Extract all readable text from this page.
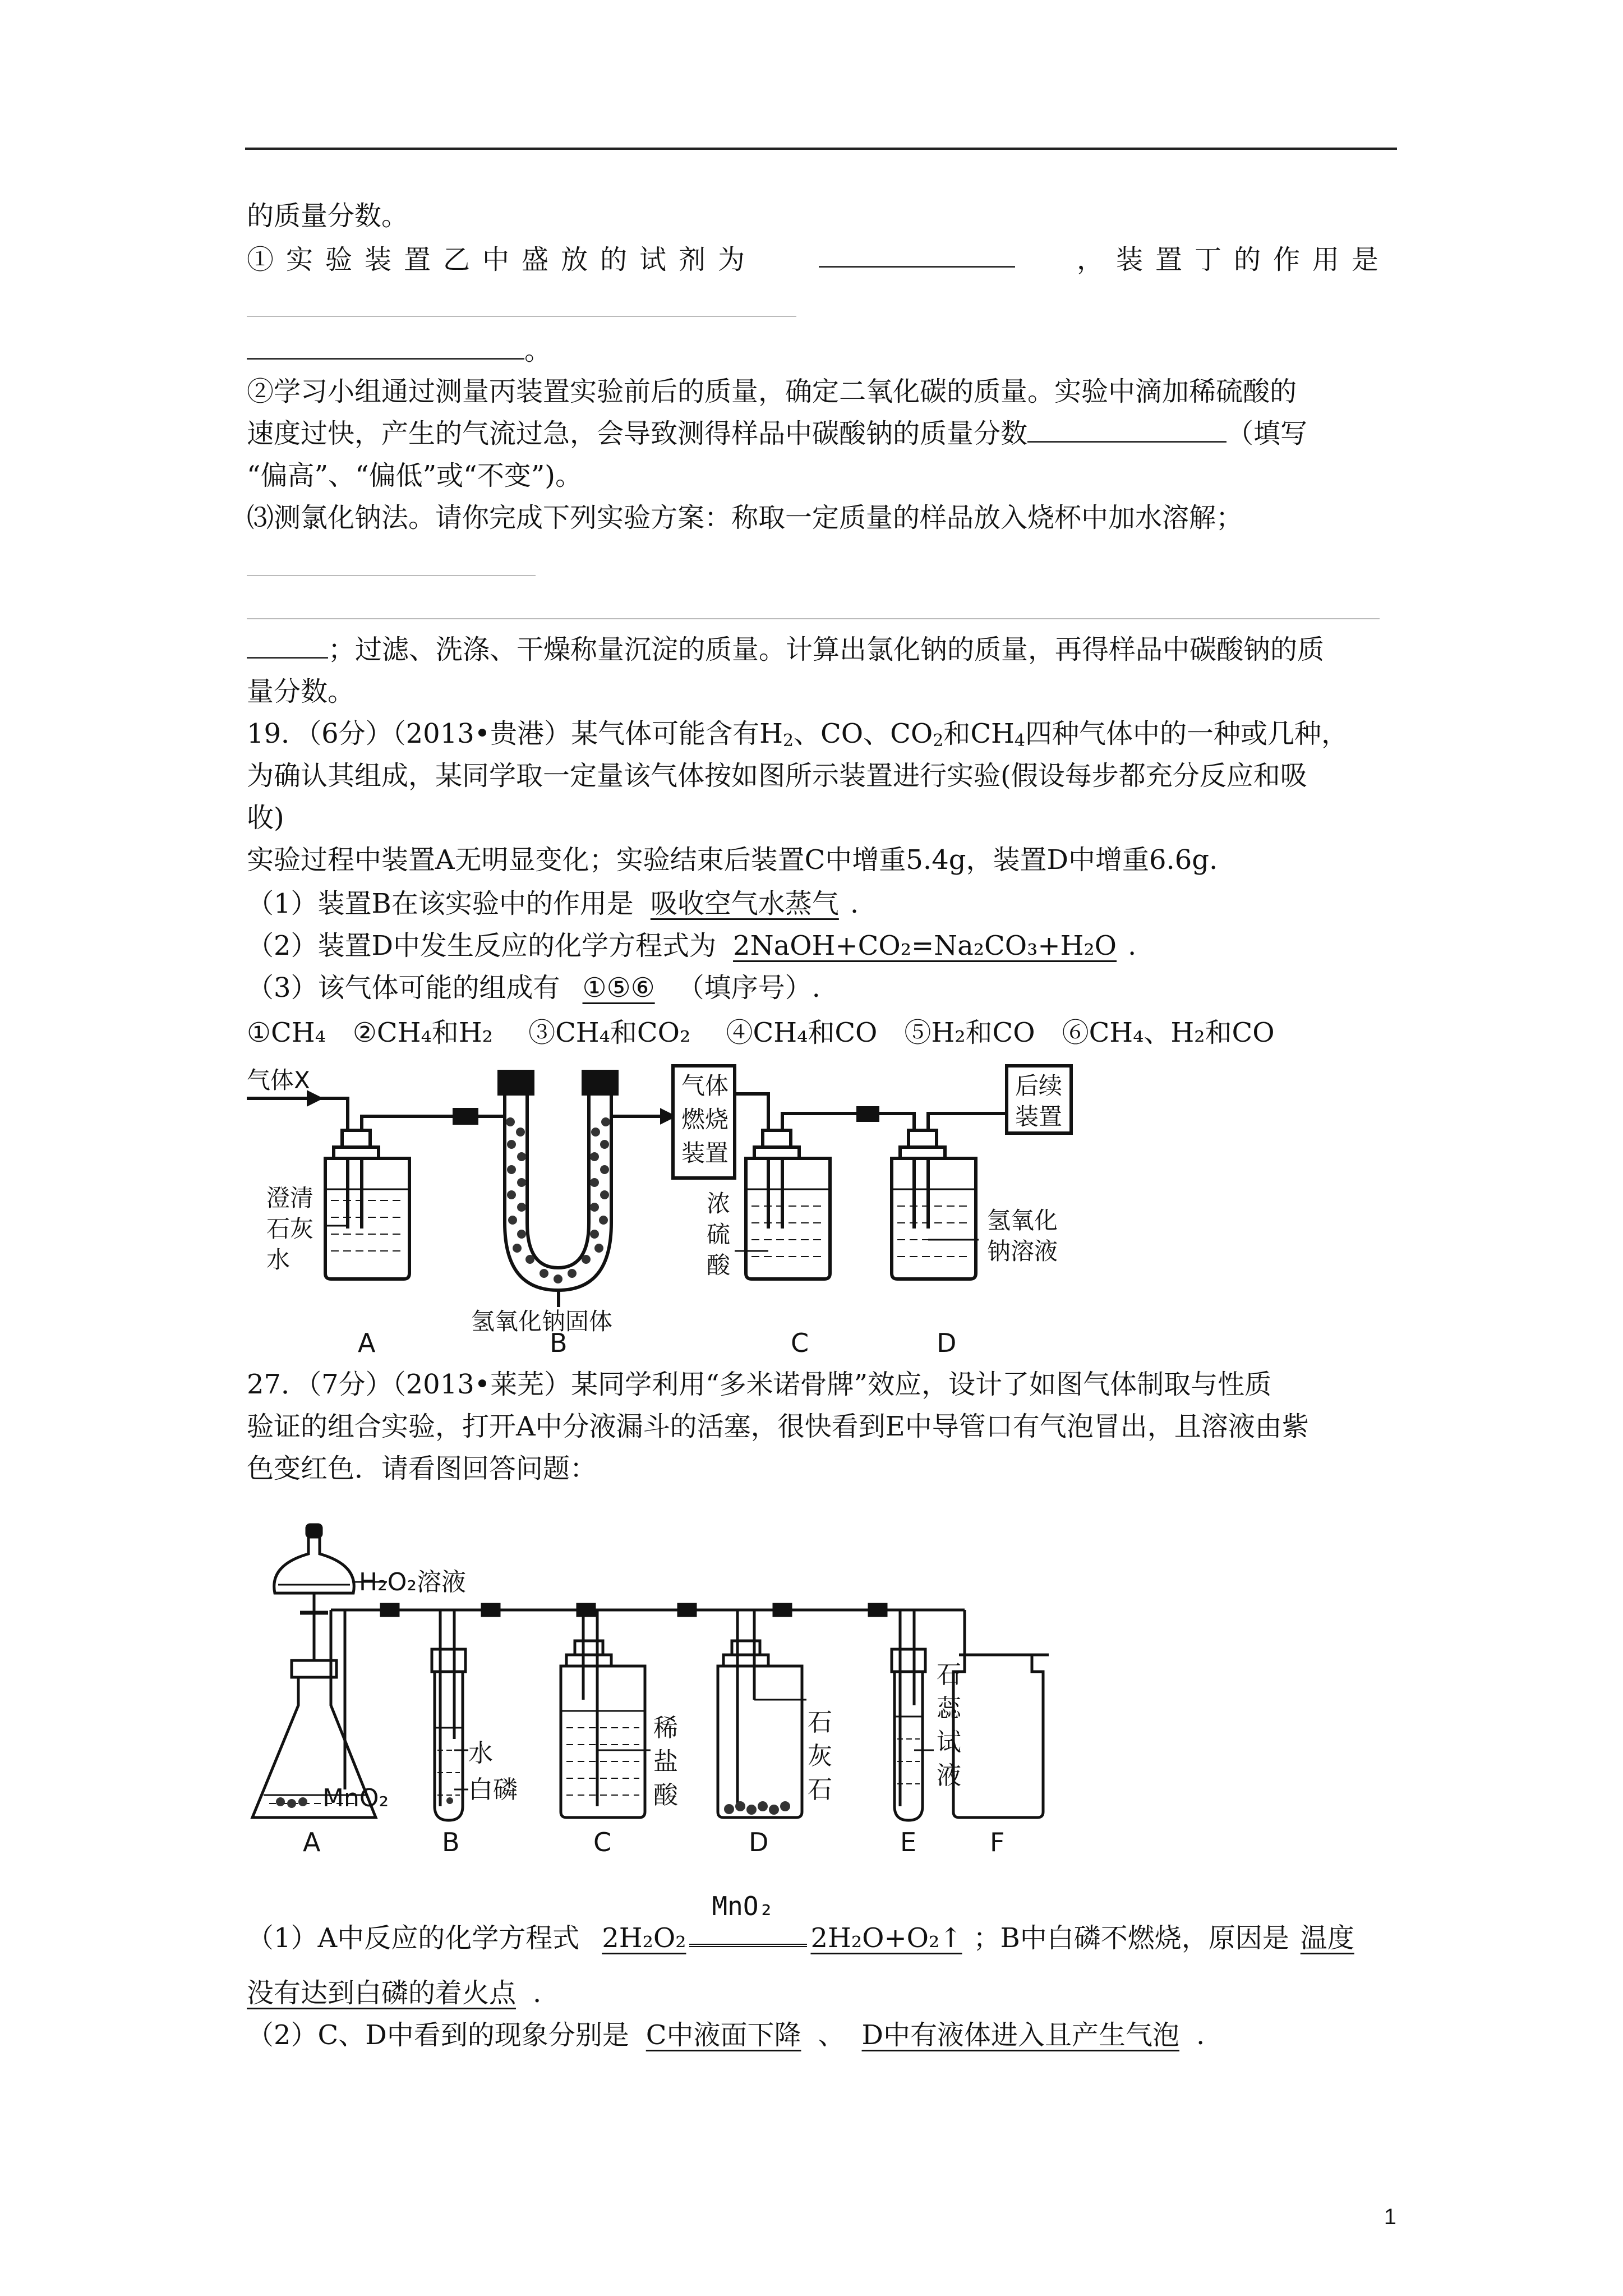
的质量分数。
①实验装置乙中盛放的试剂为	，装置丁的作用是
。
②学习小组通过测量丙装置实验前后的质量，确定二氧化碳的质量。实验中滴加稀硫酸的
速度过快，产生的气流过急，会导致测得样品中碳酸钠的质量分数	（填写
“偏高”、“偏低”或“不变”)。
⑶测氯化钠法。请你完成下列实验方案：称取一定质量的样品放入烧杯中加水溶解；
；过滤、洗涤、干燥称量沉淀的质量。计算出氯化钠的质量，再得样品中碳酸钠的质
量分数。
19．（6分）（2013•贵港）某气体可能含有$H_2$、CO、$CO_2$和$CH_4$四种气体中的一种或几种，
为确认其组成，某同学取一定量该气体按如图所示装置进行实验(假设每步都充分反应和吸
收)
实验过程中装置A无明显变化；实验结束后装置C中增重5.4g，装置D中增重6.6g.
（1）装置B在该实验中的作用是 吸收空气水蒸气 .
（2）装置D中发生反应的化学方程式为 2NaOH+CO₂=Na₂CO₃+H₂O .
（3）该气体可能的组成有 ①⑤⑥ （填序号）.
①CH₄　②CH₄和H₂　 ③CH₄和CO₂　 ④CH₄和CO　⑤H₂和CO　⑥CH₄、H₂和CO
气体X	气体
燃烧
装置
后续
装置
澄清
石灰
水
氢氧化钠固体
浓
硫
酸
氢氧化
钠溶液
A	B	C	D
27．（7分）（2013•莱芜）某同学利用“多米诺骨牌”效应，设计了如图气体制取与性质
验证的组合实验，打开A中分液漏斗的活塞，很快看到E中导管口有气泡冒出，且溶液由紫
色变红色．请看图回答问题：
H₂O₂溶液
MnO₂
水
白磷
稀
盐
酸
石
灰
石
石
蕊
试
液
A	B	C	D	E	F
（1）A中反应的化学方程式 2H₂O₂
MnO₂
2H₂O+O₂↑ ；B中白磷不燃烧，原因是 温度
没有达到白磷的着火点 .
（2）C、D中看到的现象分别是 C中液面下降 、 D中有液体进入且产生气泡 .
1
